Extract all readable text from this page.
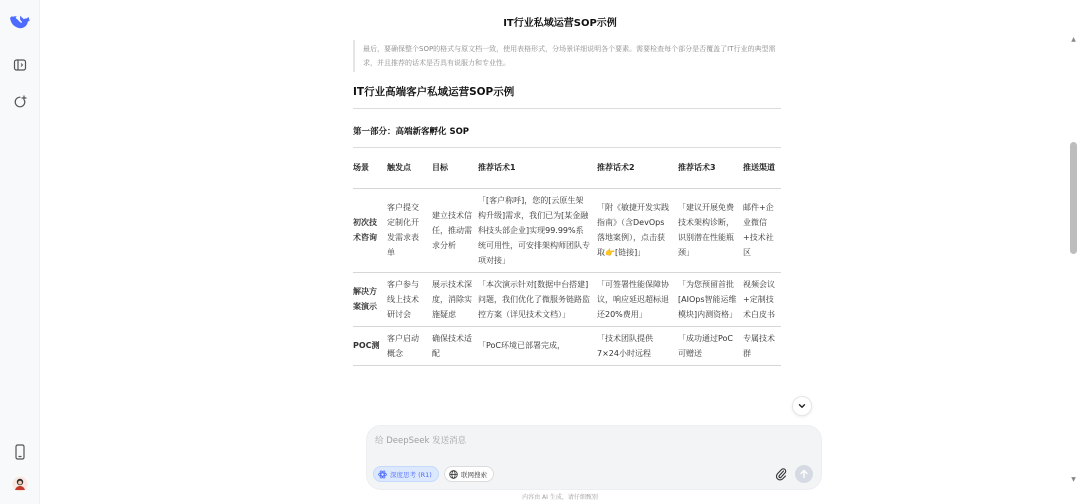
IT行业私域运营SOP示例
最后，要确保整个SOP的格式与原文档一致，使用表格形式，分场景详细说明各个要素。需要检查每个部分是否覆盖了IT行业的典型需求，并且推荐的话术是否具有说服力和专业性。
IT行业高端客户私域运营SOP示例
第一部分：高端新客孵化 SOP
场景	触发点	目标	推荐话术1	推荐话术2	推荐话术3	推送渠道
初次技术咨询	客户提交定制化开发需求表单	建立技术信任，推动需求分析	「[客户称呼]，您的[云原生架构升级]需求，我们已为[某金融科技头部企业]实现99.99%系统可用性，可安排架构师团队专项对接」	「附《敏捷开发实践指南》（含DevOps落地案例），点击获取👉[链接]」	「建议开展免费技术架构诊断，识别潜在性能瓶颈」	邮件+企业微信+技术社区
解决方案演示	客户参与线上技术研讨会	展示技术深度，消除实施疑虑	「本次演示针对[数据中台搭建]问题，我们优化了微服务链路监控方案（详见技术文档）」	「可签署性能保障协议，响应延迟超标退还20%费用」	「为您预留首批[AIOps智能运维模块]内测资格」	视频会议+定制技术白皮书
POC测	客户启动概念	确保技术适配	「PoC环境已部署完成，	「技术团队提供7×24小时远程	「成功通过PoC可赠送	专属技术群
给 DeepSeek 发送消息
深度思考 (R1)	联网搜索
内容由 AI 生成，请仔细甄别
▲
▼
